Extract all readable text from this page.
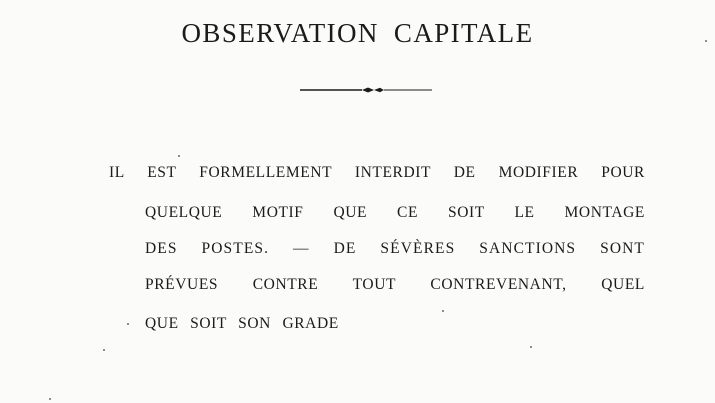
OBSERVATION CAPITALE

IL EST FORMELLEMENT INTERDIT DE MODIFIER POUR

QUELQUE MOTIF QUE CE SOIT LE MONTAGE

DES POSTES. — DE SÉVÈRES SANCTIONS SONT

PRÉVUES CONTRE TOUT CONTREVENANT, QUEL

QUE SOIT SON GRADE
